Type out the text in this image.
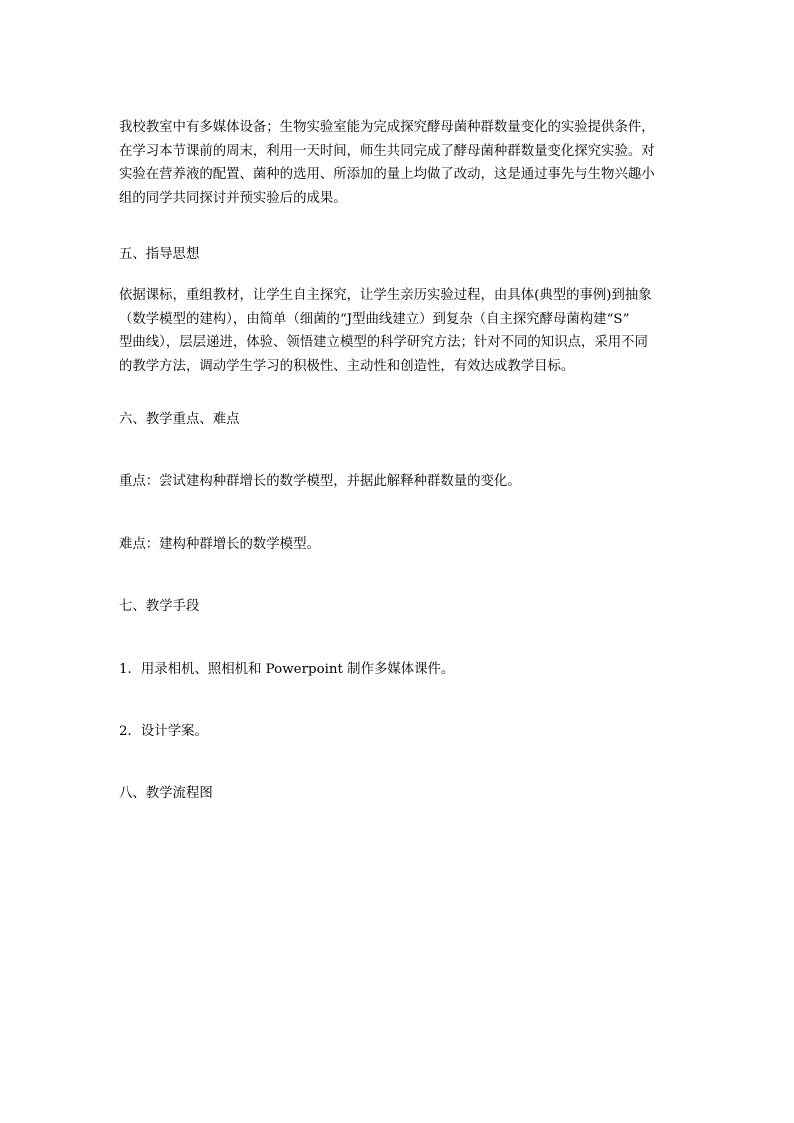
我校教室中有多媒体设备；生物实验室能为完成探究酵母菌种群数量变化的实验提供条件，
在学习本节课前的周末，利用一天时间，师生共同完成了酵母菌种群数量变化探究实验。对
实验在营养液的配置、菌种的选用、所添加的量上均做了改动，这是通过事先与生物兴趣小
组的同学共同探讨并预实验后的成果。
五、指导思想
依据课标，重组教材，让学生自主探究，让学生亲历实验过程，由具体(典型的事例)到抽象
（数学模型的建构），由简单（细菌的“J型曲线建立）到复杂（自主探究酵母菌构建“S”
型曲线），层层递进，体验、领悟建立模型的科学研究方法；针对不同的知识点，采用不同
的教学方法，调动学生学习的积极性、主动性和创造性，有效达成教学目标。
六、教学重点、难点
重点：尝试建构种群增长的数学模型，并据此解释种群数量的变化。
难点：建构种群增长的数学模型。
七、教学手段
1．用录相机、照相机和 Powerpoint 制作多媒体课件。
2．设计学案。
八、教学流程图
